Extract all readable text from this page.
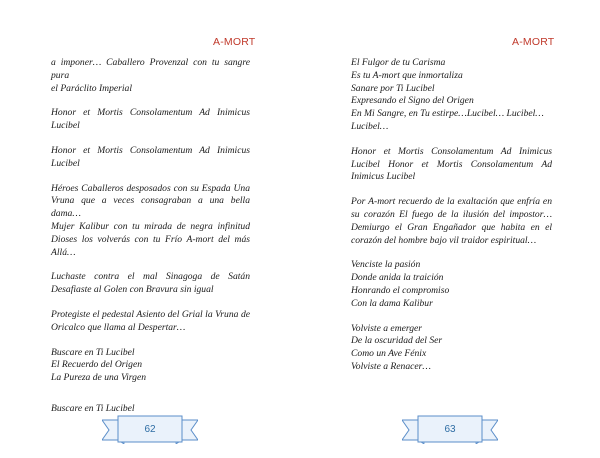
A-MORT
a imponer… Caballero Provenzal con tu sangre pura
el Paráclito Imperial
Honor et Mortis Consolamentum Ad Inimicus
Lucibel
Honor et Mortis Consolamentum Ad Inimicus
Lucibel
Héroes Caballeros desposados con su Espada Una
Vruna que a veces consagraban a una bella dama…
Mujer Kalibur con tu mirada de negra infinitud
Dioses los volverás con tu Frío A-mort del más
Allá…
Luchaste contra el mal Sinagoga de Satán
Desafiaste al Golen con Bravura sin igual
Protegiste el pedestal Asiento del Grial la Vruna de
Oricalco que llama al Despertar…
Buscare en Ti Lucibel
El Recuerdo del Origen
La Pureza de una Virgen
Buscare en Ti Lucibel
62
A-MORT
El Fulgor de tu Carisma
Es tu A-mort que inmortaliza
Sanare por Ti Lucibel
Expresando el Signo del Origen
En Mi Sangre, en Tu estirpe…Lucibel… Lucibel…
Lucibel…
Honor et Mortis Consolamentum Ad Inimicus
Lucibel Honor et Mortis Consolamentum Ad
Inimicus Lucibel
Por A-mort recuerdo de la exaltación que enfría en
su corazón El fuego de la ilusión del impostor…
Demiurgo el Gran Engañador que habita en el
corazón del hombre bajo vil traidor espiritual…
Venciste la pasión
Donde anida la traición
Honrando el compromiso
Con la dama Kalibur
Volviste a emerger
De la oscuridad del Ser
Como un Ave Fénix
Volviste a Renacer…
63
